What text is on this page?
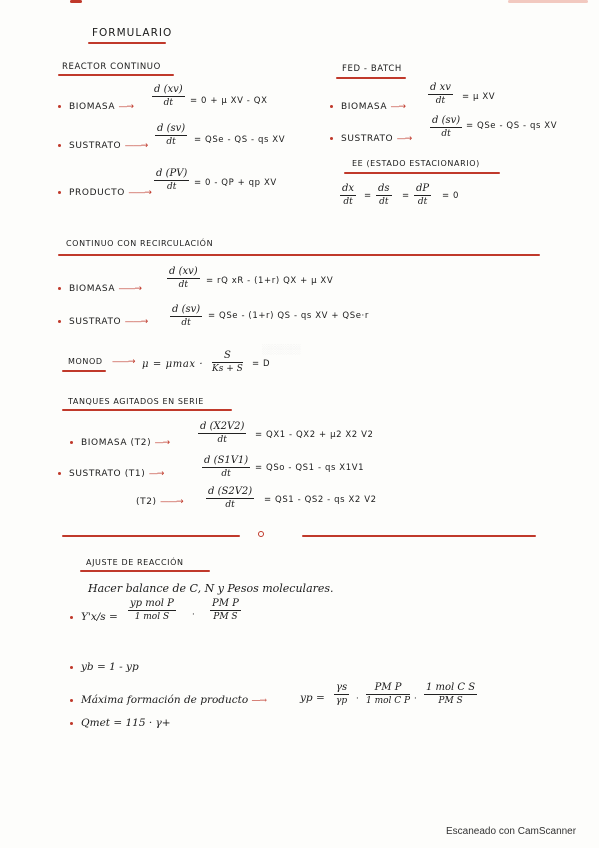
FORMULARIO
REACTOR CONTINUO
BIOMASA —→
d (xv)
dt = 0 + μ XV - QX
SUSTRATO ——→
d (sv)
dt = QSe - QS - qs XV
PRODUCTO ——→
d (PV)
dt = 0 - QP + qp XV
FED - BATCH
BIOMASA —→
d xv
dt = μ XV
SUSTRATO —→
d (sv)
dt
= QSe - QS - qs XV
EE (ESTADO ESTACIONARIO)
dx
dt
=
ds
dt
=
dP
dt
= 0
CONTINUO CON RECIRCULACIÓN
BIOMASA ——→
d (xv)
dt = rQ xR - (1+r) QX + μ XV
SUSTRATO ——→
d (sv)
dt
= QSe - (1+r) QS - qs XV + QSe·r
░░░░░░
MONOD ——→ μ = μmax ·
S
Ks + S = D
TANQUES AGITADOS EN SERIE
BIOMASA (T2) —→
d (X2V2)
dt	= QX1 - QX2 + μ2 X2 V2
SUSTRATO (T1) —→
d (S1V1)
dt
= QSo - QS1 - qs X1V1
(T2) ——→
d (S2V2)
dt	= QS1 - QS2 - qs X2 V2
AJUSTE DE REACCIÓN
Hacer balance de C, N y Pesos moleculares.
Y'x/s =
yp mol P
1 mol S	·
PM P
PM S
yb = 1 - yp
Máxima formación de producto —→	yp =
γs
γp ·
PM P
1 mol C P ·
1 mol C S
PM S
Qmet = 115 · γ+
Escaneado con CamScanner
